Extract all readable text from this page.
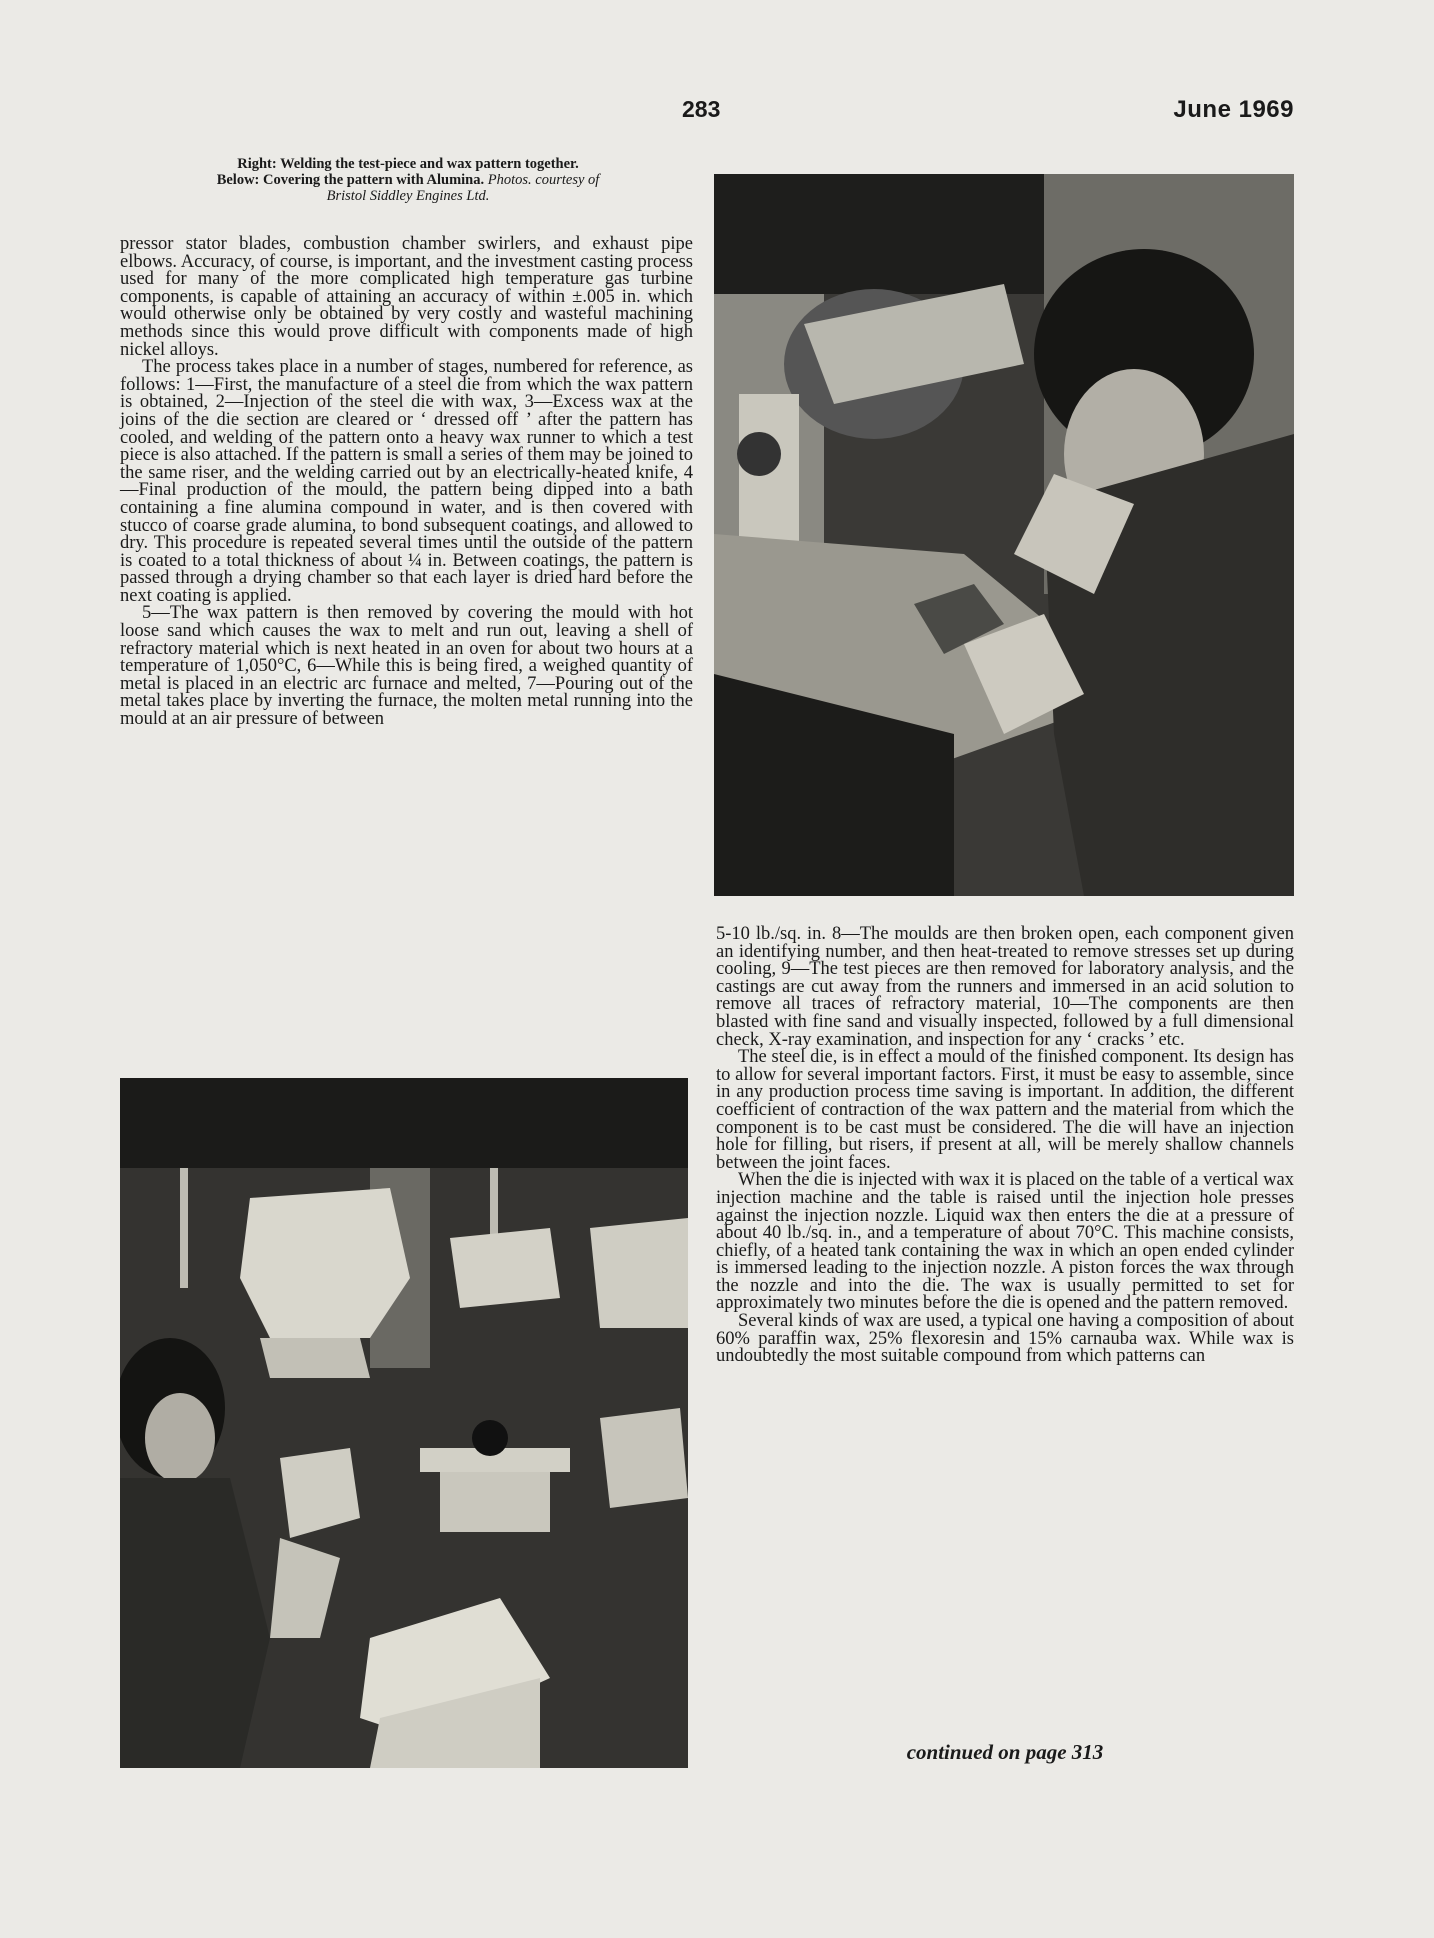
283	June 1969
Right: Welding the test-piece and wax pattern together.
Below: Covering the pattern with Alumina. Photos. courtesy of
Bristol Siddley Engines Ltd.

pressor stator blades, combustion chamber swirlers, and exhaust pipe elbows. Accuracy, of course, is important, and the investment casting process used for many of the more complicated high temperature gas turbine components, is capable of attaining an accuracy of within ±.005 in. which would otherwise only be obtained by very costly and wasteful machining methods since this would prove difficult with components made of high nickel alloys.

The process takes place in a number of stages, numbered for reference, as follows: 1—First, the manufacture of a steel die from which the wax pattern is obtained, 2—Injection of the steel die with wax, 3—Excess wax at the joins of the die section are cleared or ‘ dressed off ’ after the pattern has cooled, and welding of the pattern onto a heavy wax runner to which a test piece is also attached. If the pattern is small a series of them may be joined to the same riser, and the welding carried out by an electrically-heated knife, 4—Final production of the mould, the pattern being dipped into a bath containing a fine alumina compound in water, and is then covered with stucco of coarse grade alumina, to bond subsequent coatings, and allowed to dry. This procedure is repeated several times until the outside of the pattern is coated to a total thickness of about ¼ in. Between coatings, the pattern is passed through a drying chamber so that each layer is dried hard before the next coating is applied.

5—The wax pattern is then removed by covering the mould with hot loose sand which causes the wax to melt and run out, leaving a shell of refractory material which is next heated in an oven for about two hours at a temperature of 1,050°C, 6—While this is being fired, a weighed quantity of metal is placed in an electric arc furnace and melted, 7—Pouring out of the metal takes place by inverting the furnace, the molten metal running into the mould at an air pressure of between

5-10 lb./sq. in. 8—The moulds are then broken open, each component given an identifying number, and then heat-treated to remove stresses set up during cooling, 9—The test pieces are then removed for laboratory analysis, and the castings are cut away from the runners and immersed in an acid solution to remove all traces of refractory material, 10—The components are then blasted with fine sand and visually inspected, followed by a full dimensional check, X-ray examination, and inspection for any ‘ cracks ’ etc.

The steel die, is in effect a mould of the finished component. Its design has to allow for several important factors. First, it must be easy to assemble, since in any production process time saving is important. In addition, the different coefficient of contraction of the wax pattern and the material from which the component is to be cast must be considered. The die will have an injection hole for filling, but risers, if present at all, will be merely shallow channels between the joint faces.

When the die is injected with wax it is placed on the table of a vertical wax injection machine and the table is raised until the injection hole presses against the injection nozzle. Liquid wax then enters the die at a pressure of about 40 lb./sq. in., and a temperature of about 70°C. This machine consists, chiefly, of a heated tank containing the wax in which an open ended cylinder is immersed leading to the injection nozzle. A piston forces the wax through the nozzle and into the die. The wax is usually permitted to set for approximately two minutes before the die is opened and the pattern removed.

Several kinds of wax are used, a typical one having a composition of about 60% paraffin wax, 25% flexoresin and 15% carnauba wax. While wax is undoubtedly the most suitable compound from which patterns can

continued on page 313
